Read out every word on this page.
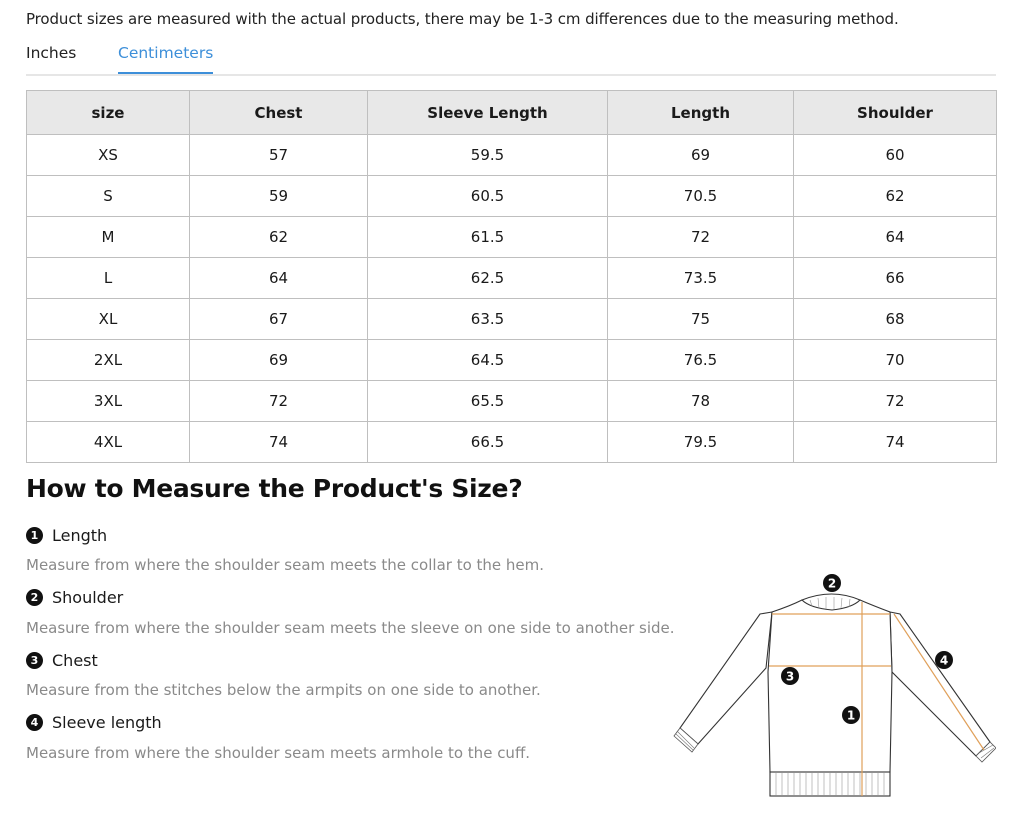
Product sizes are measured with the actual products, there may be 1-3 cm differences due to the measuring method.
Inches	Centimeters
size	Chest	Sleeve Length	Length	Shoulder
XS	57	59.5	69	60
S	59	60.5	70.5	62
M	62	61.5	72	64
L	64	62.5	73.5	66
XL	67	63.5	75	68
2XL	69	64.5	76.5	70
3XL	72	65.5	78	72
4XL	74	66.5	79.5	74
How to Measure the Product's Size?
1 Length
Measure from where the shoulder seam meets the collar to the hem.
2 Shoulder
Measure from where the shoulder seam meets the sleeve on one side to another side.
3 Chest
Measure from the stitches below the armpits on one side to another.
4 Sleeve length
Measure from where the shoulder seam meets armhole to the cuff.
2
3
1
4
